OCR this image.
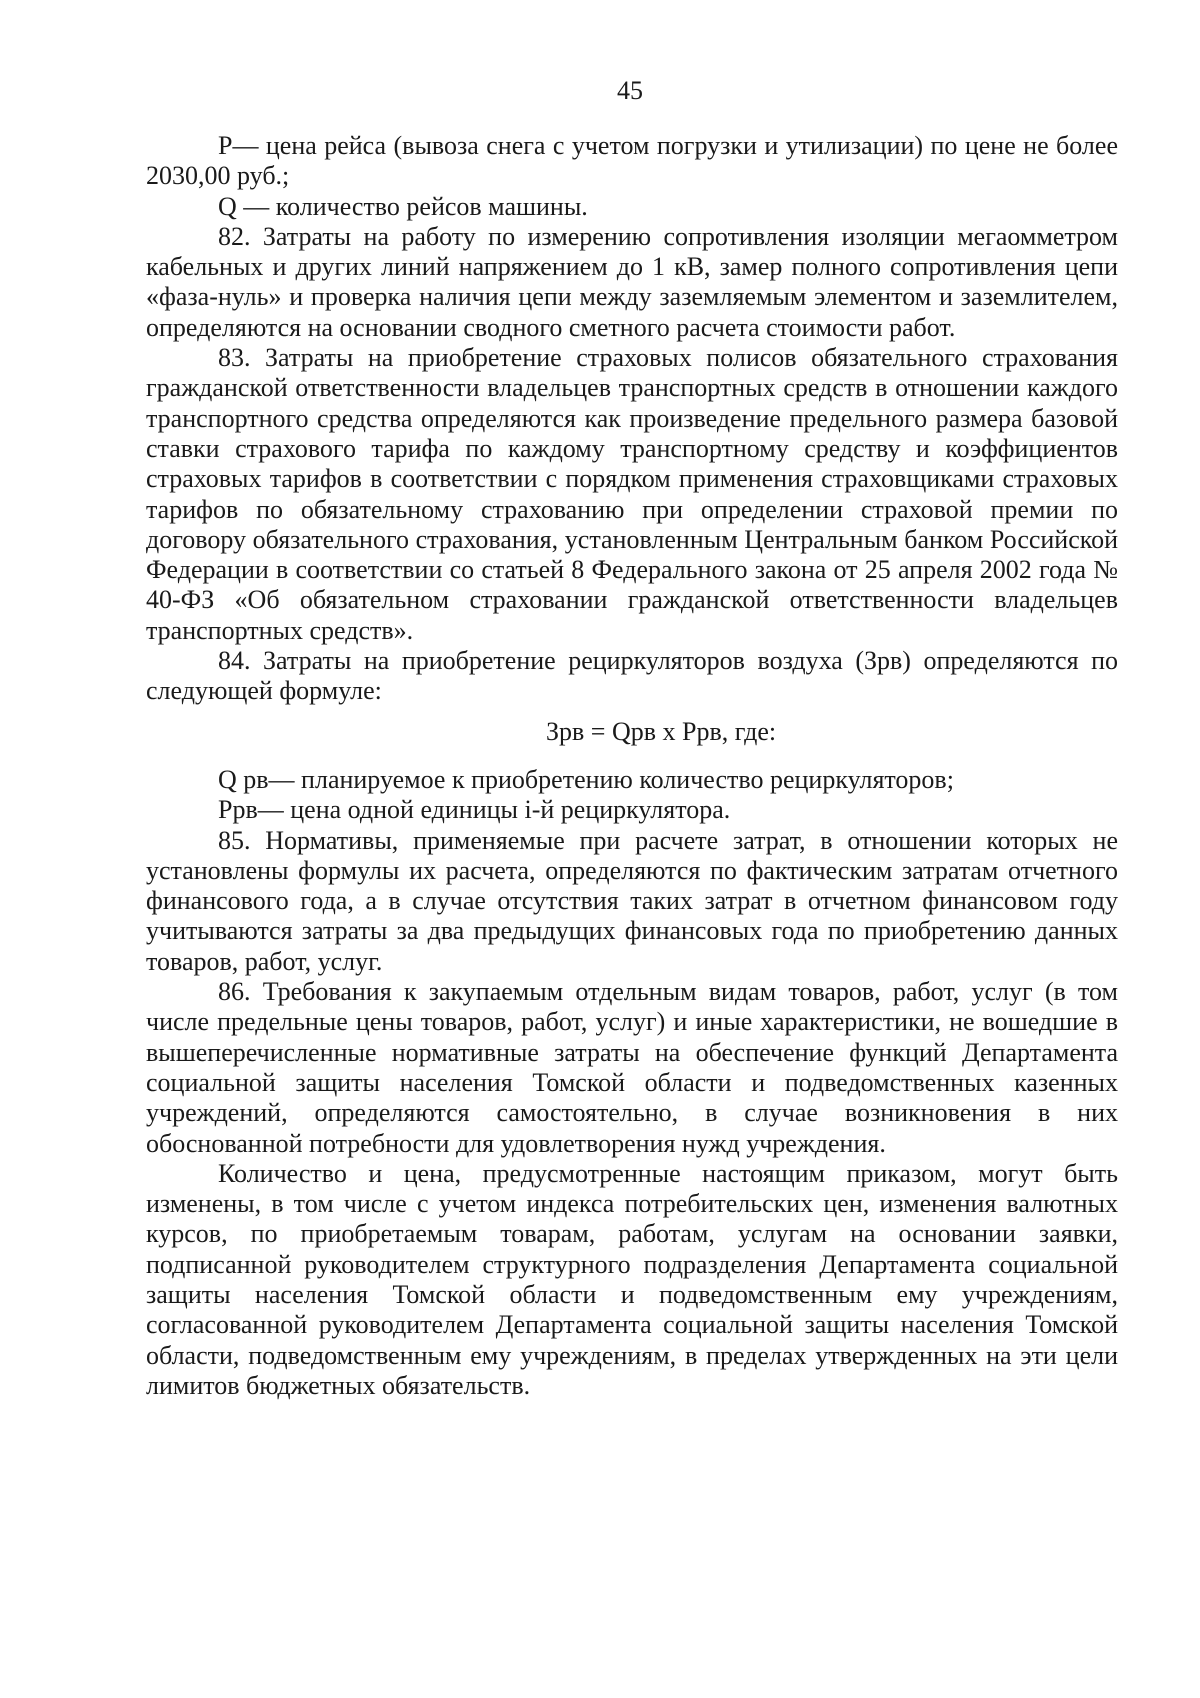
45

P— цена рейса (вывоза снега с учетом погрузки и утилизации) по цене не более 2030,00 руб.;

Q — количество рейсов машины.

82. Затраты на работу по измерению сопротивления изоляции мегаомметром кабельных и других линий напряжением до 1 кВ, замер полного сопротивления цепи «фаза-нуль» и проверка наличия цепи между заземляемым элементом и заземлителем, определяются на основании сводного сметного расчета стоимости работ.

83. Затраты на приобретение страховых полисов обязательного страхования гражданской ответственности владельцев транспортных средств в отношении каждого транспортного средства определяются как произведение предельного размера базовой ставки страхового тарифа по каждому транспортному средству и коэффициентов страховых тарифов в соответствии с порядком применения страховщиками страховых тарифов по обязательному страхованию при определении страховой премии по договору обязательного страхования, установленным Центральным банком Российской Федерации в соответствии со статьей 8 Федерального закона от 25 апреля 2002 года № 40-ФЗ «Об обязательном страховании гражданской ответственности владельцев транспортных средств».

84. Затраты на приобретение рециркуляторов воздуха (Зрв) определяются по следующей формуле:

Зрв = Qрв х Pрв, где:

Q рв— планируемое к приобретению количество рециркуляторов;

Pрв— цена одной единицы i-й рециркулятора.

85. Нормативы, применяемые при расчете затрат, в отношении которых не установлены формулы их расчета, определяются по фактическим затратам отчетного финансового года, а в случае отсутствия таких затрат в отчетном финансовом году учитываются затраты за два предыдущих финансовых года по приобретению данных товаров, работ, услуг.

86. Требования к закупаемым отдельным видам товаров, работ, услуг (в том числе предельные цены товаров, работ, услуг) и иные характеристики, не вошедшие в вышеперечисленные нормативные затраты на обеспечение функций Департамента социальной защиты населения Томской области и подведомственных казенных учреждений, определяются самостоятельно, в случае возникновения в них обоснованной потребности для удовлетворения нужд учреждения.

Количество и цена, предусмотренные настоящим приказом, могут быть изменены, в том числе с учетом индекса потребительских цен, изменения валютных курсов, по приобретаемым товарам, работам, услугам на основании заявки, подписанной руководителем структурного подразделения Департамента социальной защиты населения Томской области и подведомственным ему учреждениям, согласованной руководителем Департамента социальной защиты населения Томской области, подведомственным ему учреждениям, в пределах утвержденных на эти цели лимитов бюджетных обязательств.
